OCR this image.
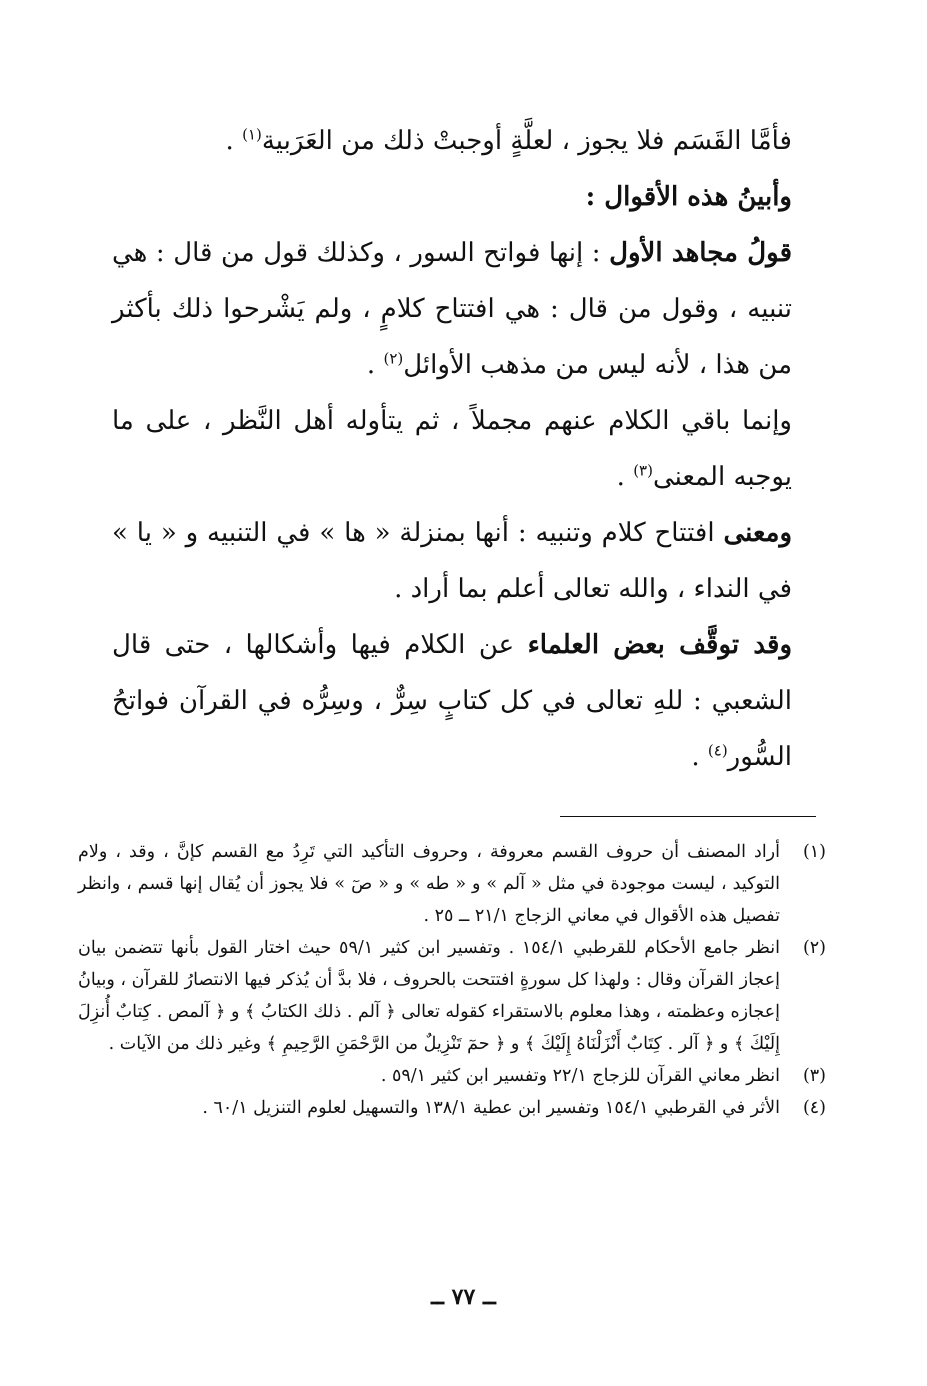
فأمَّا القَسَم فلا يجوز ، لعلَّةٍ أوجبتْ ذلك من العَرَبية$^{(١)}$ .

وأبينُ هذه الأقوال :

قولُ مجاهد الأول : إنها فواتح السور ، وكذلك قول من قال : هي تنبيه ، وقول من قال : هي افتتاح كلامٍ ، ولم يَشْرحوا ذلك بأكثر من هذا ، لأنه ليس من مذهب الأوائل$^{(٢)}$ .

وإنما باقي الكلام عنهم مجملاً ، ثم يتأوله أهل النَّظر ، على ما يوجبه المعنى$^{(٣)}$ .

ومعنى افتتاح كلام وتنبيه : أنها بمنزلة « ها » في التنبيه و « يا » في النداء ، والله تعالى أعلم بما أراد .

وقد توقَّف بعض العلماء عن الكلام فيها وأشكالها ، حتى قال الشعبي : للهِ تعالى في كل كتابٍ سِرٌّ ، وسِرُّه في القرآن فواتحُ السُّور$^{(٤)}$ .

(١)
أراد المصنف أن حروف القسم معروفة ، وحروف التأكيد التي تَرِدُ مع القسم كإنَّ ، وقد ، ولام التوكيد ، ليست موجودة في مثل « آلم » و « طه » و « صٓ » فلا يجوز أن يُقال إنها قسم ، وانظر تفصيل هذه الأقوال في معاني الزجاج ٢١/١ ــ ٢٥ .
(٢)
انظر جامع الأحكام للقرطبي ١٥٤/١ . وتفسير ابن كثير ٥٩/١ حيث اختار القول بأنها تتضمن بيان إعجاز القرآن وقال : ولهذا كل سورةٍ افتتحت بالحروف ، فلا بدَّ أن يُذكر فيها الانتصارُ للقرآن ، وبيانُ إعجازه وعظمته ، وهذا معلوم بالاستقراء كقوله تعالى ﴿ آلم . ذلك الكتابُ ﴾ و ﴿ آلمص . كِتابٌ أُنزِلَ إِلَيْكَ ﴾ و ﴿ آلر . كِتَابٌ أَنْزَلْنَاهُ إِلَيْكَ ﴾ و ﴿ حمٓ تَنْزِيلٌ من الرَّحْمَنِ الرَّحِيمِ ﴾ وغير ذلك من الآيات .
(٣)
انظر معاني القرآن للزجاج ٢٢/١ وتفسير ابن كثير ٥٩/١ .
(٤)
الأثر في القرطبي ١٥٤/١ وتفسير ابن عطية ١٣٨/١ والتسهيل لعلوم التنزيل ٦٠/١ .
ــ ٧٧ ــ
